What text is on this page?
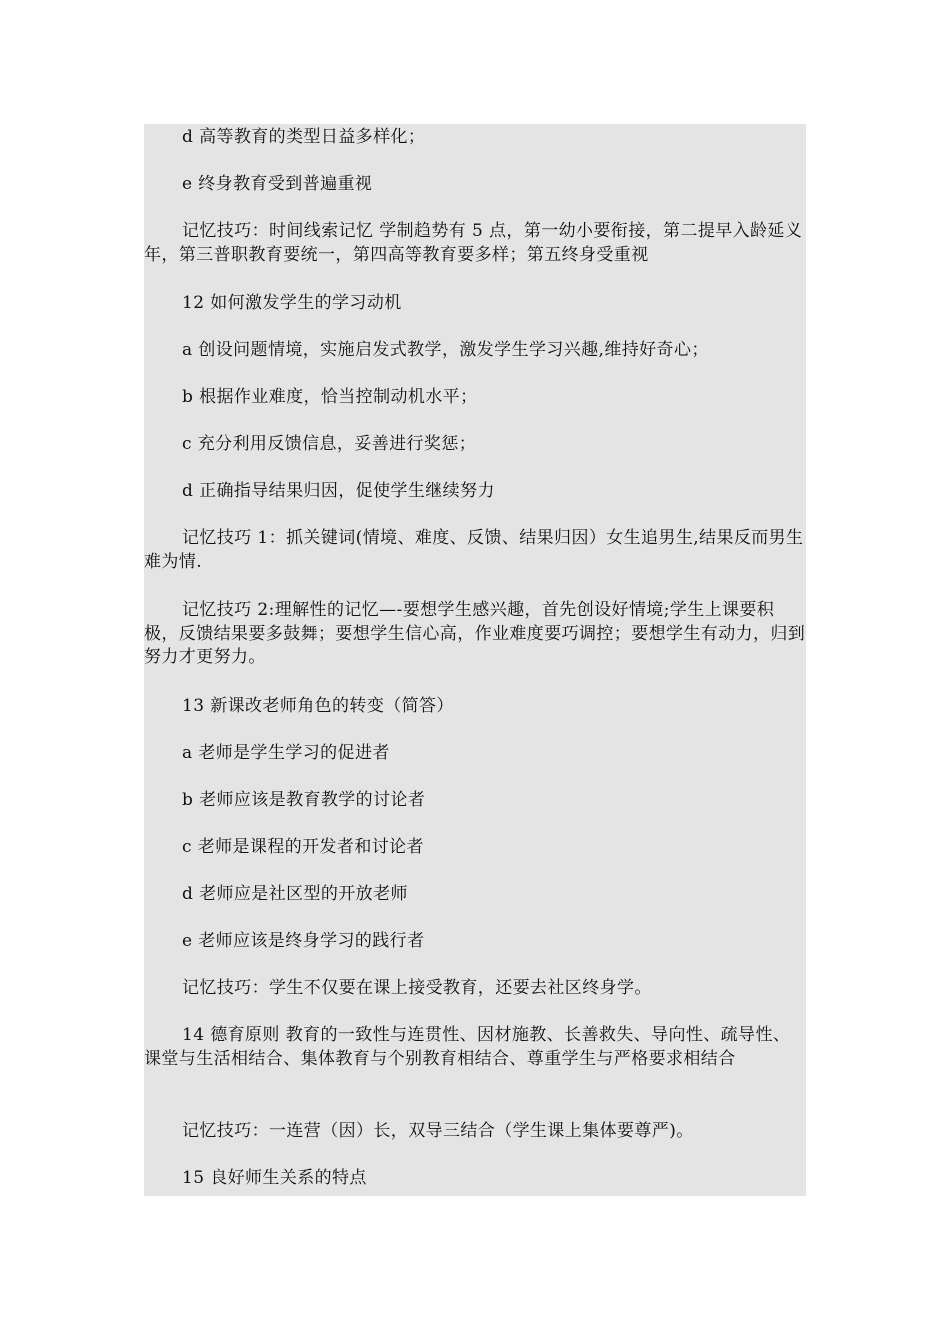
d 高等教育的类型日益多样化；

e 终身教育受到普遍重视

记忆技巧：时间线索记忆 学制趋势有 5 点，第一幼小要衔接，第二提早入龄延义年，第三普职教育要统一，第四高等教育要多样；第五终身受重视

12 如何激发学生的学习动机

a 创设问题情境，实施启发式教学，激发学生学习兴趣,维持好奇心；

b 根据作业难度，恰当控制动机水平；

c 充分利用反馈信息，妥善进行奖惩；

d 正确指导结果归因，促使学生继续努力

记忆技巧 1：抓关键词(情境、难度、反馈、结果归因）女生追男生,结果反而男生难为情.

记忆技巧 2:理解性的记忆—-要想学生感兴趣，首先创设好情境;学生上课要积极，反馈结果要多鼓舞；要想学生信心高，作业难度要巧调控；要想学生有动力，归到努力才更努力。

13 新课改老师角色的转变（简答）

a 老师是学生学习的促进者

b 老师应该是教育教学的讨论者

c 老师是课程的开发者和讨论者

d 老师应是社区型的开放老师

e 老师应该是终身学习的践行者

记忆技巧：学生不仅要在课上接受教育，还要去社区终身学。

14 德育原则 教育的一致性与连贯性、因材施教、长善救失、导向性、疏导性、课堂与生活相结合、集体教育与个别教育相结合、尊重学生与严格要求相结合

记忆技巧：一连营（因）长，双导三结合（学生课上集体要尊严)。

15 良好师生关系的特点
